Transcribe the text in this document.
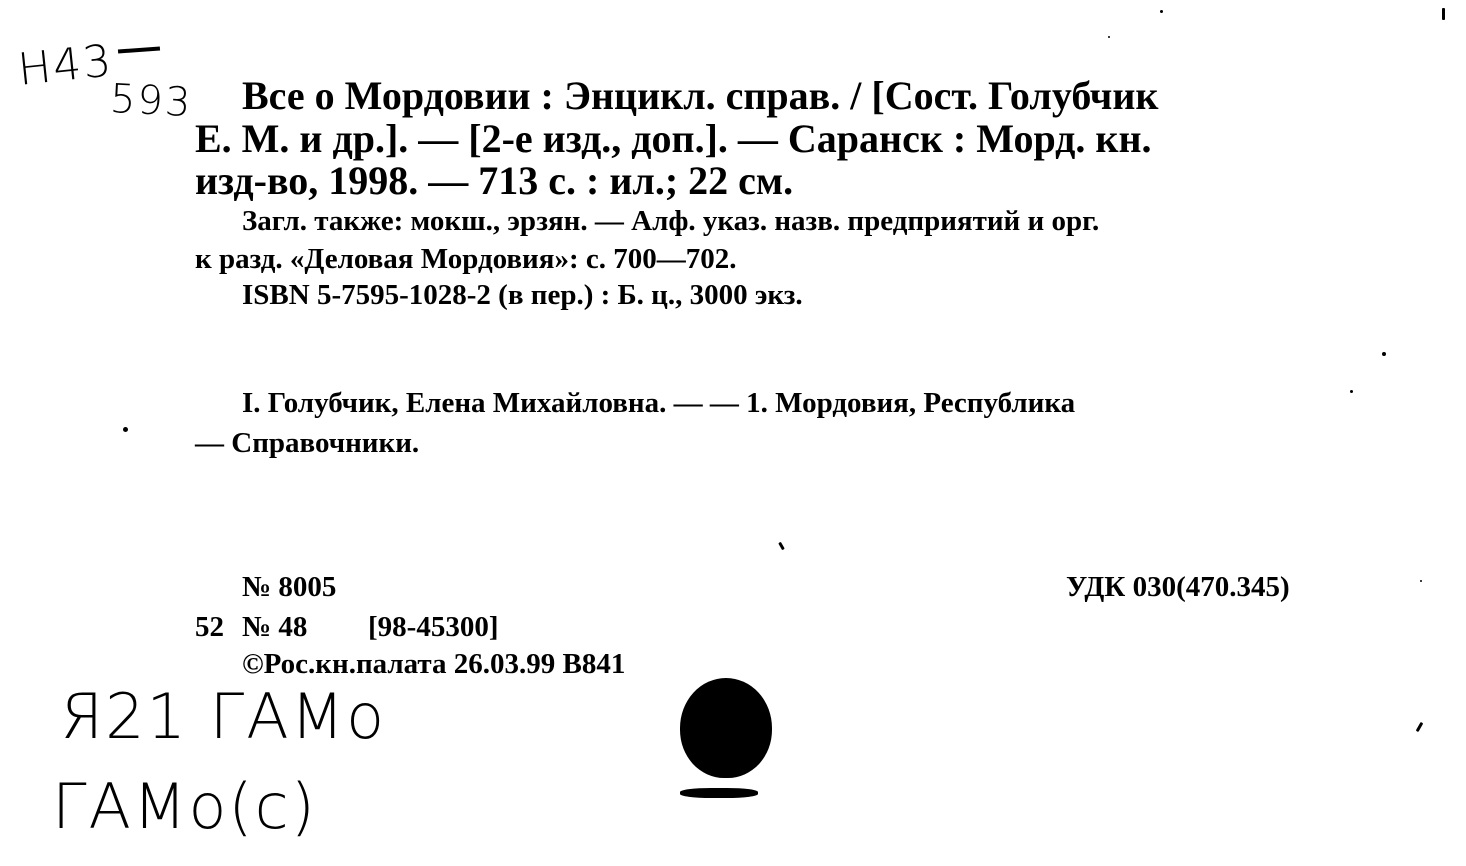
Н43
593 Все о Мордовии : Энцикл. справ. / [Сост. Голубчик
Е. М. и др.]. — [2-е изд., доп.]. — Саранск : Морд. кн.
изд-во, 1998. — 713 с. : ил.; 22 см.
Загл. также: мокш., эрзян. — Алф. указ. назв. предприятий и орг.
к разд. «Деловая Мордовия»: с. 700—702.
ISBN 5-7595-1028-2 (в пер.) : Б. ц., 3000 экз.
I. Голубчик, Елена Михайловна. — — 1. Мордовия, Республика
— Справочники.
№ 8005	УДК 030(470.345)
52 № 48 [98-45300]
©Рос.кн.палата 26.03.99 В841
Я21 ГАМо
ГАМо(с)
